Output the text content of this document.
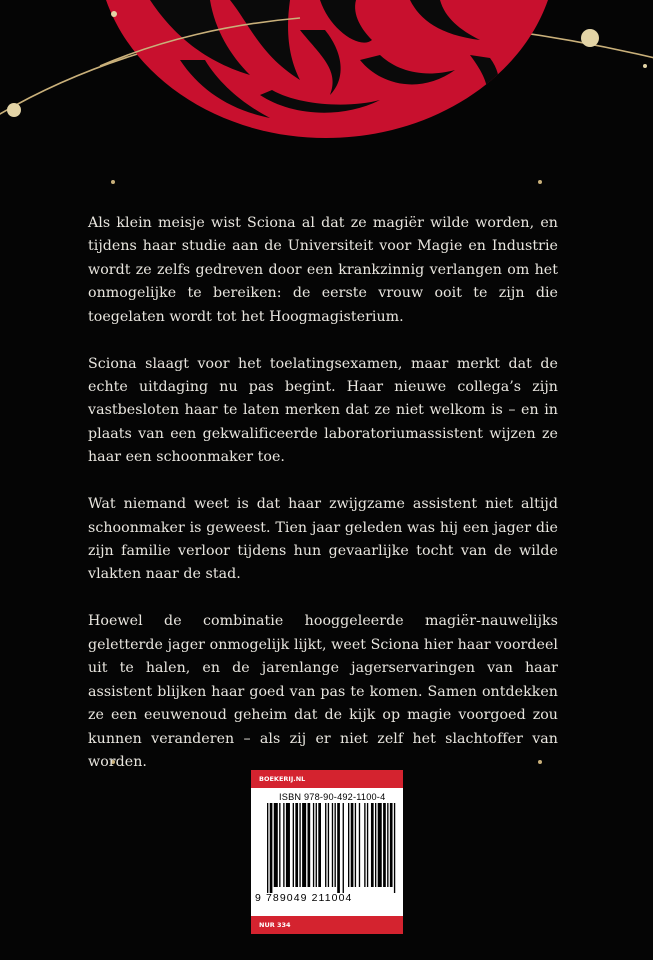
Als klein meisje wist Sciona al dat ze magiër wilde worden, en tijdens haar studie aan de Universiteit voor Magie en Industrie wordt ze zelfs gedreven door een krankzinnig verlangen om het onmogelijke te bereiken: de eerste vrouw ooit te zijn die toegelaten wordt tot het Hoogmagisterium.

Sciona slaagt voor het toelatingsexamen, maar merkt dat de echte uitdaging nu pas begint. Haar nieuwe collega’s zijn vastbesloten haar te laten merken dat ze niet welkom is – en in plaats van een gekwalificeerde laboratoriumassistent wijzen ze haar een schoonmaker toe.

Wat niemand weet is dat haar zwijgzame assistent niet altijd schoonmaker is geweest. Tien jaar geleden was hij een jager die zijn familie verloor tijdens hun gevaarlijke tocht van de wilde vlakten naar de stad.

Hoewel de combinatie hooggeleerde magiër-nauwelijks geletterde jager onmogelijk lijkt, weet Sciona hier haar voordeel uit te halen, en de jarenlange jagerservaringen van haar assistent blijken haar goed van pas te komen. Samen ontdekken ze een eeuwenoud geheim dat de kijk op magie voorgoed zou kunnen veranderen – als zij er niet zelf het slachtoffer van worden.

BOEKERIJ.NL
ISBN 978-90-492-1100-4
9 789049 211004
NUR 334
